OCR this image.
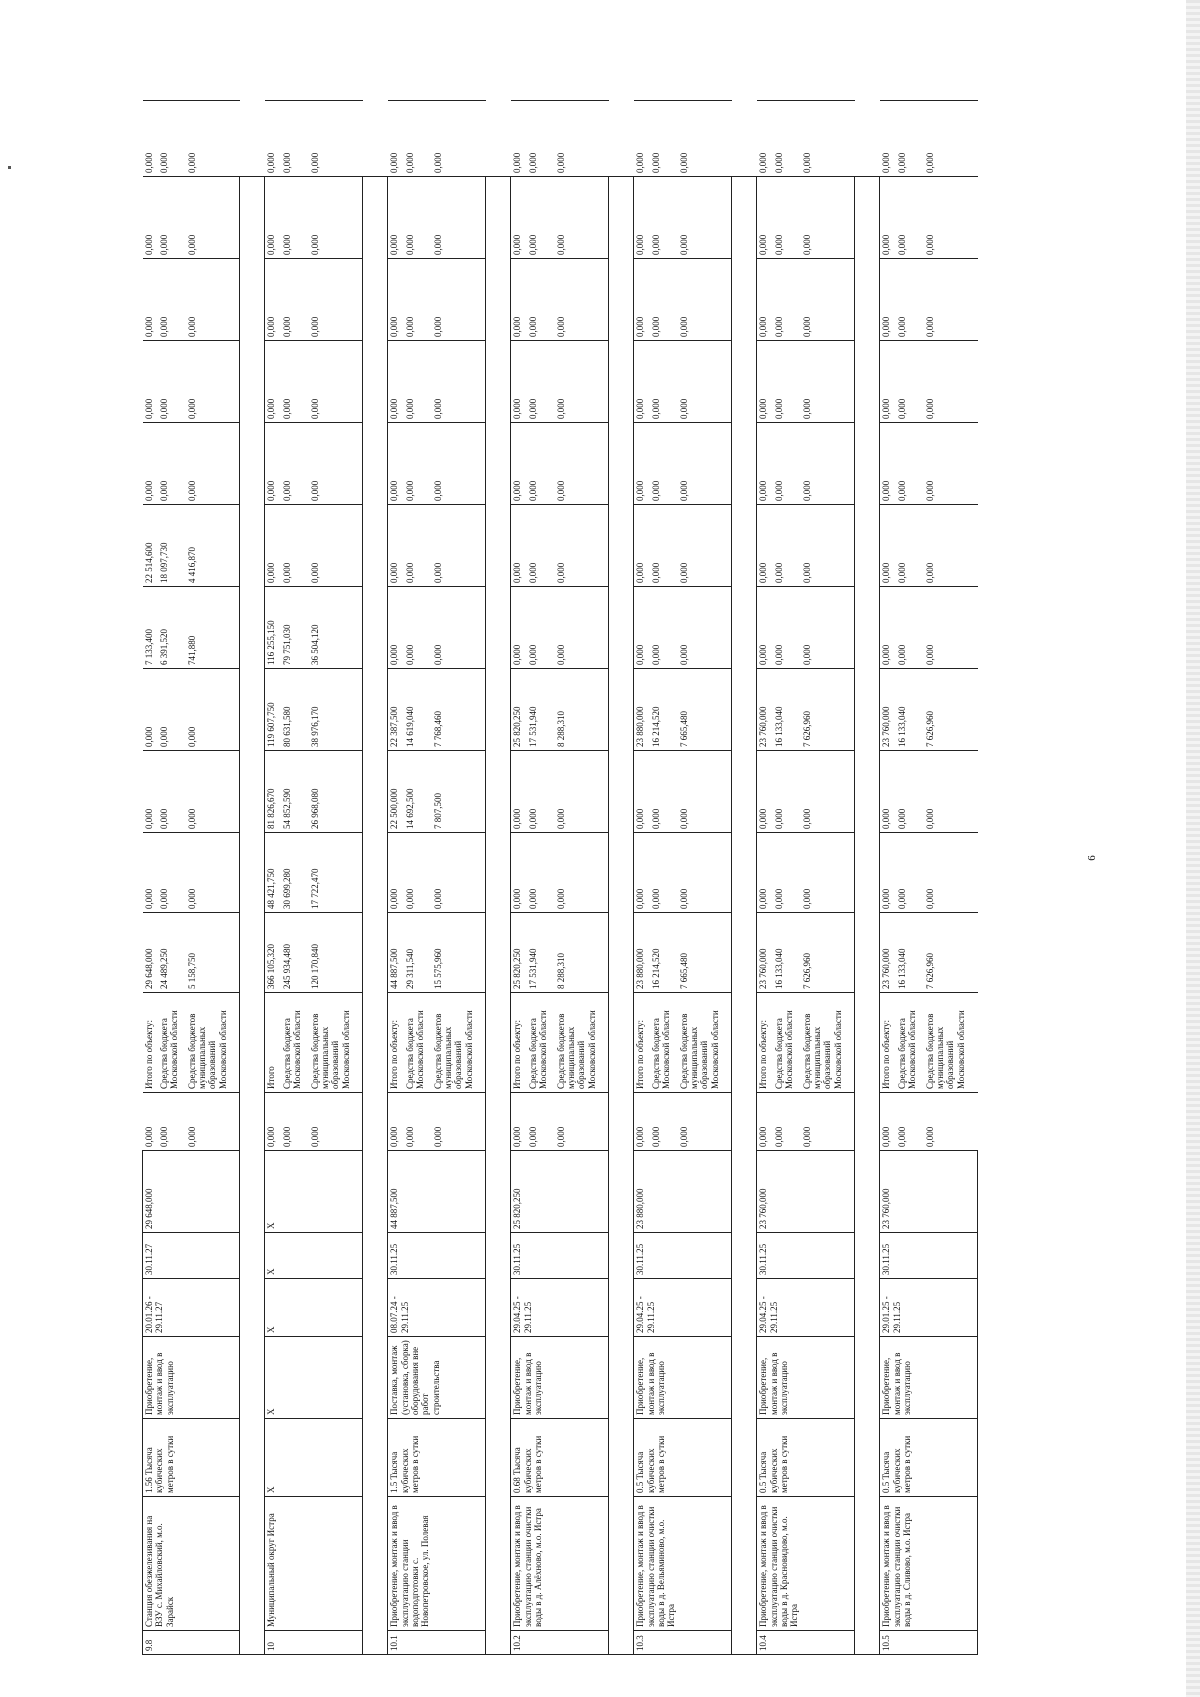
6
9.8	Станция обезжелезивания на ВЗУ с. Михайловский, м.о. Зарайск	1.56 Тысяча кубических метров в сутки	Приобретение, монтаж и ввод в эксплуатацию	20.01.26 - 29.11.27	30.11.27	29 648,000	0,000	Итого по объекту:	29 648,000	0,000	0,000	0,000	7 133,400	22 514,600	0,000	0,000	0,000	0,000	0,000
							0,000	Средства бюджета Московской области	24 489,250	0,000	0,000	0,000	6 391,520	18 097,730	0,000	0,000	0,000	0,000	0,000
							0,000	Средства бюджетов муниципальных образований Московской области	5 158,750	0,000	0,000	0,000	741,880	4 416,870	0,000	0,000	0,000	0,000	0,000

10	Муниципальный округ Истра	X	X	X	X	X	0,000	Итого	366 105,320	48 421,750	81 826,670	119 607,750	116 255,150	0,000	0,000	0,000	0,000	0,000	0,000
							0,000	Средства бюджета Московской области	245 934,480	30 699,280	54 852,590	80 631,580	79 751,030	0,000	0,000	0,000	0,000	0,000	0,000
							0,000	Средства бюджетов муниципальных образований Московской области	120 170,840	17 722,470	26 968,080	38 976,170	36 504,120	0,000	0,000	0,000	0,000	0,000	0,000

10.1	Приобретение, монтаж и ввод в эксплуатацию станции водоподготовки с. Новопетровское, ул. Полевая	1.5 Тысяча кубических метров в сутки	Поставка, монтаж (установка, сборка) оборудования вне работ строительства	08.07.24 - 29.11.25	30.11.25	44 887,500	0,000	Итого по объекту:	44 887,500	0,000	22 500,000	22 387,500	0,000	0,000	0,000	0,000	0,000	0,000	0,000
							0,000	Средства бюджета Московской области	29 311,540	0,000	14 692,500	14 619,040	0,000	0,000	0,000	0,000	0,000	0,000	0,000
							0,000	Средства бюджетов муниципальных образований Московской области	15 575,960	0,000	7 807,500	7 768,460	0,000	0,000	0,000	0,000	0,000	0,000	0,000

10.2	Приобретение, монтаж и ввод в эксплуатацию станции очистки воды в д. Алёхново, м.о. Истра	0.68 Тысяча кубических метров в сутки	Приобретение, монтаж и ввод в эксплуатацию	29.04.25 - 29.11.25	30.11.25	25 820,250	0,000	Итого по объекту:	25 820,250	0,000	0,000	25 820,250	0,000	0,000	0,000	0,000	0,000	0,000	0,000
							0,000	Средства бюджета Московской области	17 531,940	0,000	0,000	17 531,940	0,000	0,000	0,000	0,000	0,000	0,000	0,000
							0,000	Средства бюджетов муниципальных образований Московской области	8 288,310	0,000	0,000	8 288,310	0,000	0,000	0,000	0,000	0,000	0,000	0,000

10.3	Приобретение, монтаж и ввод в эксплуатацию станции очистки воды в д. Вельяминово, м.о. Истра	0.5 Тысяча кубических метров в сутки	Приобретение, монтаж и ввод в эксплуатацию	29.04.25 - 29.11.25	30.11.25	23 880,000	0,000	Итого по объекту:	23 880,000	0,000	0,000	23 880,000	0,000	0,000	0,000	0,000	0,000	0,000	0,000
							0,000	Средства бюджета Московской области	16 214,520	0,000	0,000	16 214,520	0,000	0,000	0,000	0,000	0,000	0,000	0,000
							0,000	Средства бюджетов муниципальных образований Московской области	7 665,480	0,000	0,000	7 665,480	0,000	0,000	0,000	0,000	0,000	0,000	0,000

10.4	Приобретение, монтаж и ввод в эксплуатацию станции очистки воды в д. Красновидово, м.о. Истра	0.5 Тысяча кубических метров в сутки	Приобретение, монтаж и ввод в эксплуатацию	29.04.25 - 29.11.25	30.11.25	23 760,000	0,000	Итого по объекту:	23 760,000	0,000	0,000	23 760,000	0,000	0,000	0,000	0,000	0,000	0,000	0,000
							0,000	Средства бюджета Московской области	16 133,040	0,000	0,000	16 133,040	0,000	0,000	0,000	0,000	0,000	0,000	0,000
							0,000	Средства бюджетов муниципальных образований Московской области	7 626,960	0,000	0,000	7 626,960	0,000	0,000	0,000	0,000	0,000	0,000	0,000

10.5	Приобретение, монтаж и ввод в эксплуатацию станции очистки воды в д. Сливово, м.о. Истра	0.5 Тысяча кубических метров в сутки	Приобретение, монтаж и ввод в эксплуатацию	29.01.25 - 29.11.25	30.11.25	23 760,000	0,000	Итого по объекту:	23 760,000	0,000	0,000	23 760,000	0,000	0,000	0,000	0,000	0,000	0,000	0,000
							0,000	Средства бюджета Московской области	16 133,040	0,000	0,000	16 133,040	0,000	0,000	0,000	0,000	0,000	0,000	0,000
							0,000	Средства бюджетов муниципальных образований Московской области	7 626,960	0,000	0,000	7 626,960	0,000	0,000	0,000	0,000	0,000	0,000	0,000
